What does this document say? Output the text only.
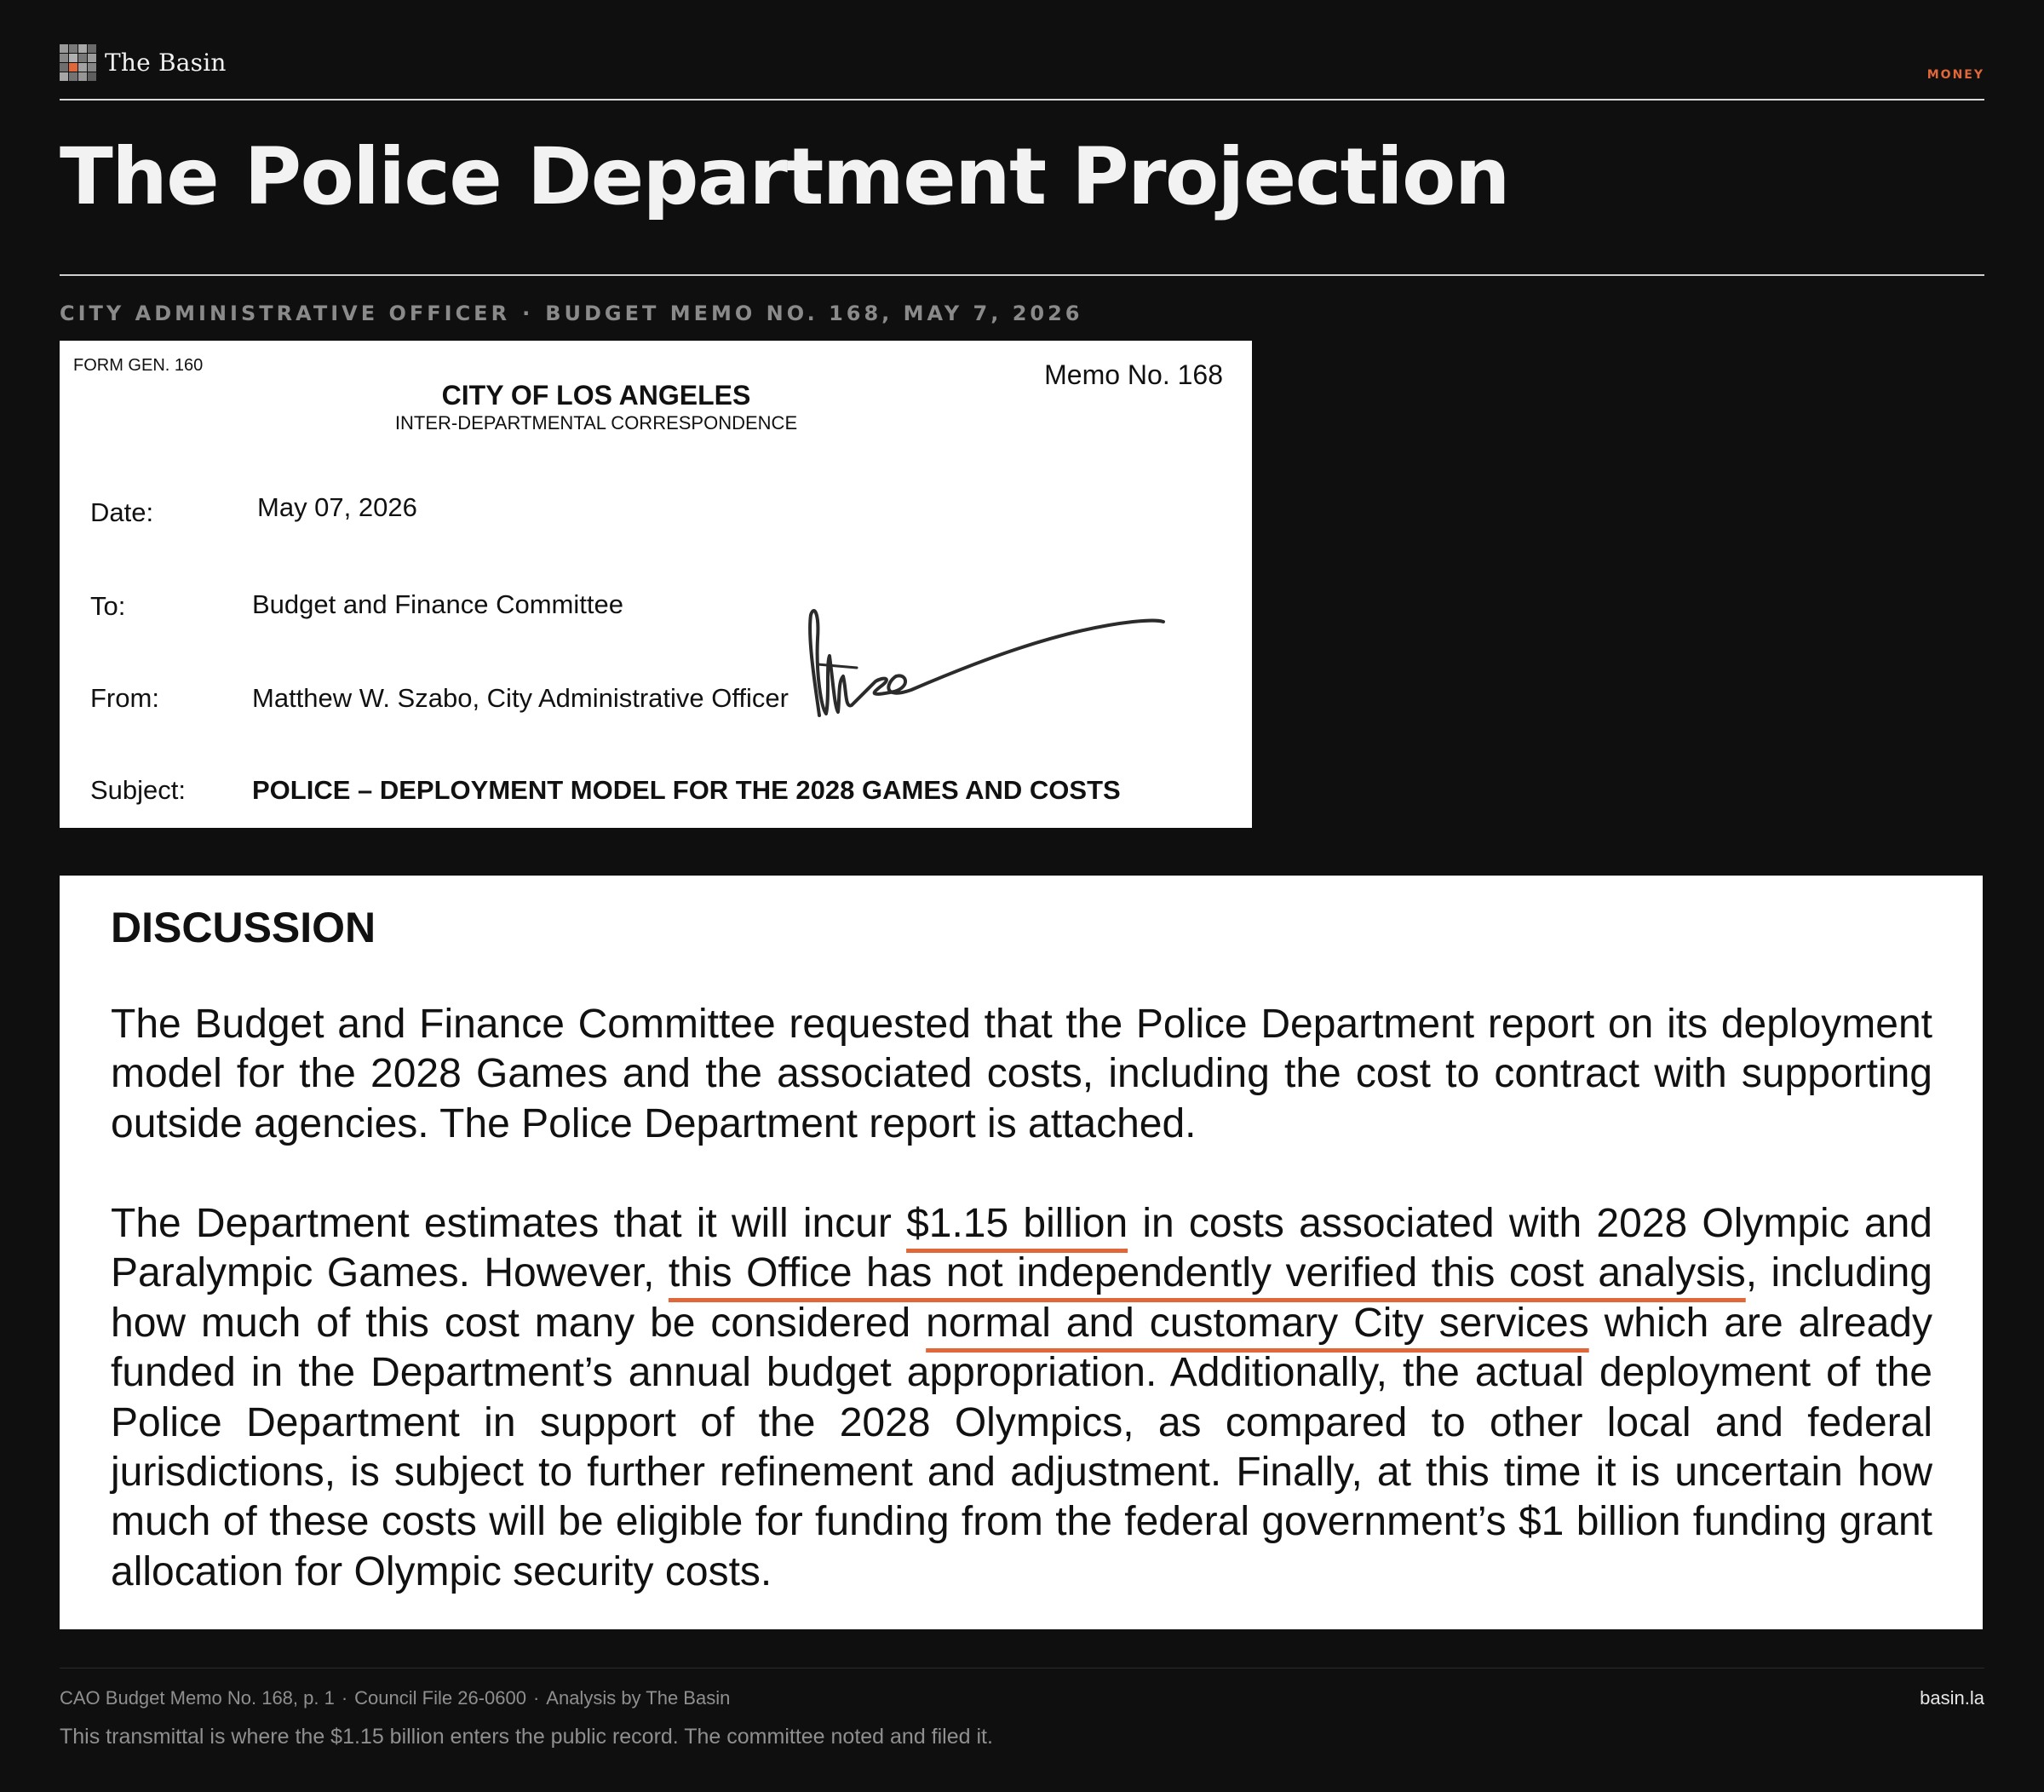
The Basin	MONEY
The Police Department Projection
CITY ADMINISTRATIVE OFFICER · BUDGET MEMO NO. 168, MAY 7, 2026
FORM GEN. 160	Memo No. 168
CITY OF LOS ANGELES
INTER-DEPARTMENTAL CORRESPONDENCE
Date:	May 07, 2026
To:	Budget and Finance Committee
From:	Matthew W. Szabo, City Administrative Officer
Subject:	POLICE – DEPLOYMENT MODEL FOR THE 2028 GAMES AND COSTS
DISCUSSION

The Budget and Finance Committee requested that the Police Department report on its deployment model for the 2028 Games and the associated costs, including the cost to contract with supporting outside agencies. The Police Department report is attached.

The Department estimates that it will incur $1.15 billion in costs associated with 2028 Olympic and Paralympic Games. However, this Office has not independently verified this cost analysis, including how much of this cost many be considered normal and customary City services which are already funded in the Department’s annual budget appropriation. Additionally, the actual deployment of the Police Department in support of the 2028 Olympics, as compared to other local and federal jurisdictions, is subject to further refinement and adjustment. Finally, at this time it is uncertain how much of these costs will be eligible for funding from the federal government’s $1 billion funding grant allocation for Olympic security costs.

CAO Budget Memo No. 168, p. 1 · Council File 26-0600 · Analysis by The Basin	basin.la
This transmittal is where the $1.15 billion enters the public record. The committee noted and filed it.
